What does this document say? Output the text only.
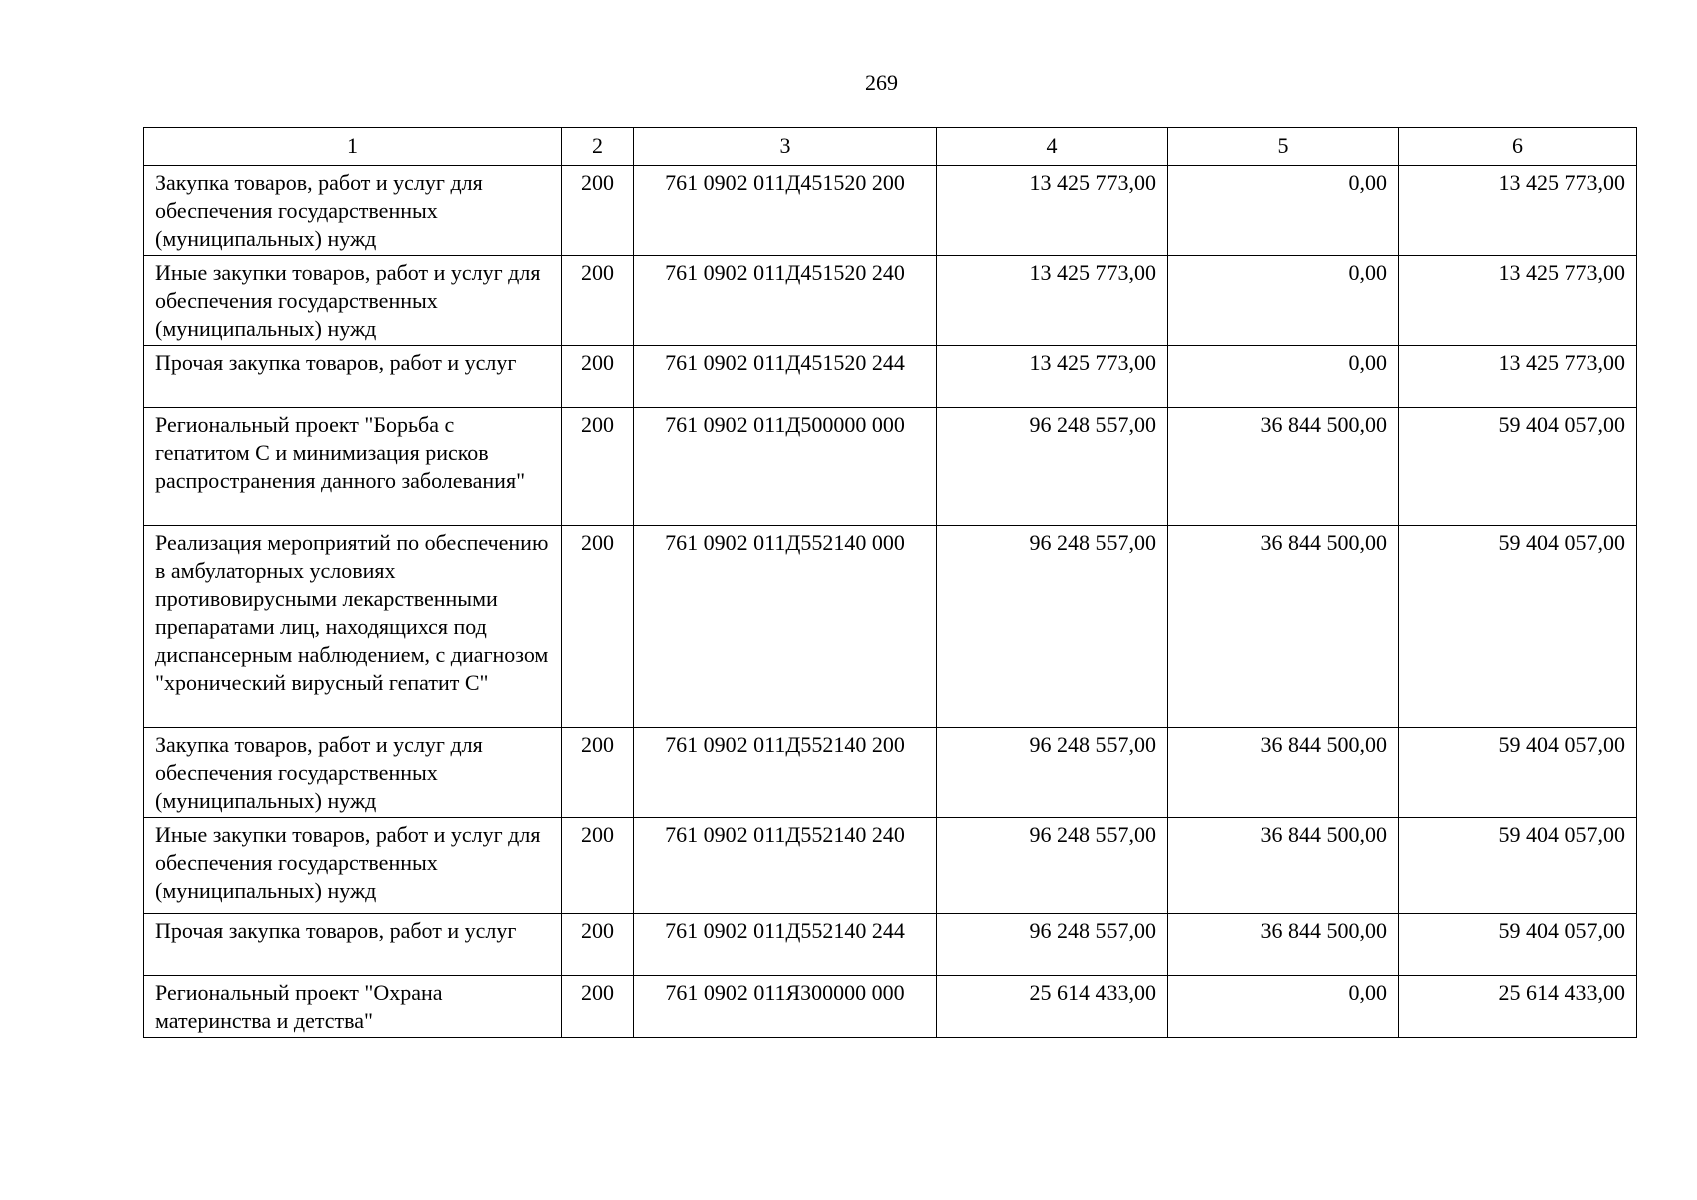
269
1	2	3	4	5	6
Закупка товаров, работ и услуг для обеспечения государственных (муниципальных) нужд	200	761 0902 011Д451520 200	13 425 773,00	0,00	13 425 773,00
Иные закупки товаров, работ и услуг для обеспечения государственных (муниципальных) нужд	200	761 0902 011Д451520 240	13 425 773,00	0,00	13 425 773,00
Прочая закупка товаров, работ и услуг	200	761 0902 011Д451520 244	13 425 773,00	0,00	13 425 773,00
Региональный проект "Борьба с гепатитом С и минимизация рисков распространения данного заболевания"	200	761 0902 011Д500000 000	96 248 557,00	36 844 500,00	59 404 057,00
Реализация мероприятий по обеспечению в амбулаторных условиях противовирусными лекарственными препаратами лиц, находящихся под диспансерным наблюдением, с диагнозом "хронический вирусный гепатит С"	200	761 0902 011Д552140 000	96 248 557,00	36 844 500,00	59 404 057,00
Закупка товаров, работ и услуг для обеспечения государственных (муниципальных) нужд	200	761 0902 011Д552140 200	96 248 557,00	36 844 500,00	59 404 057,00
Иные закупки товаров, работ и услуг для обеспечения государственных (муниципальных) нужд	200	761 0902 011Д552140 240	96 248 557,00	36 844 500,00	59 404 057,00
Прочая закупка товаров, работ и услуг	200	761 0902 011Д552140 244	96 248 557,00	36 844 500,00	59 404 057,00
Региональный проект "Охрана материнства и детства"	200	761 0902 011Я300000 000	25 614 433,00	0,00	25 614 433,00
